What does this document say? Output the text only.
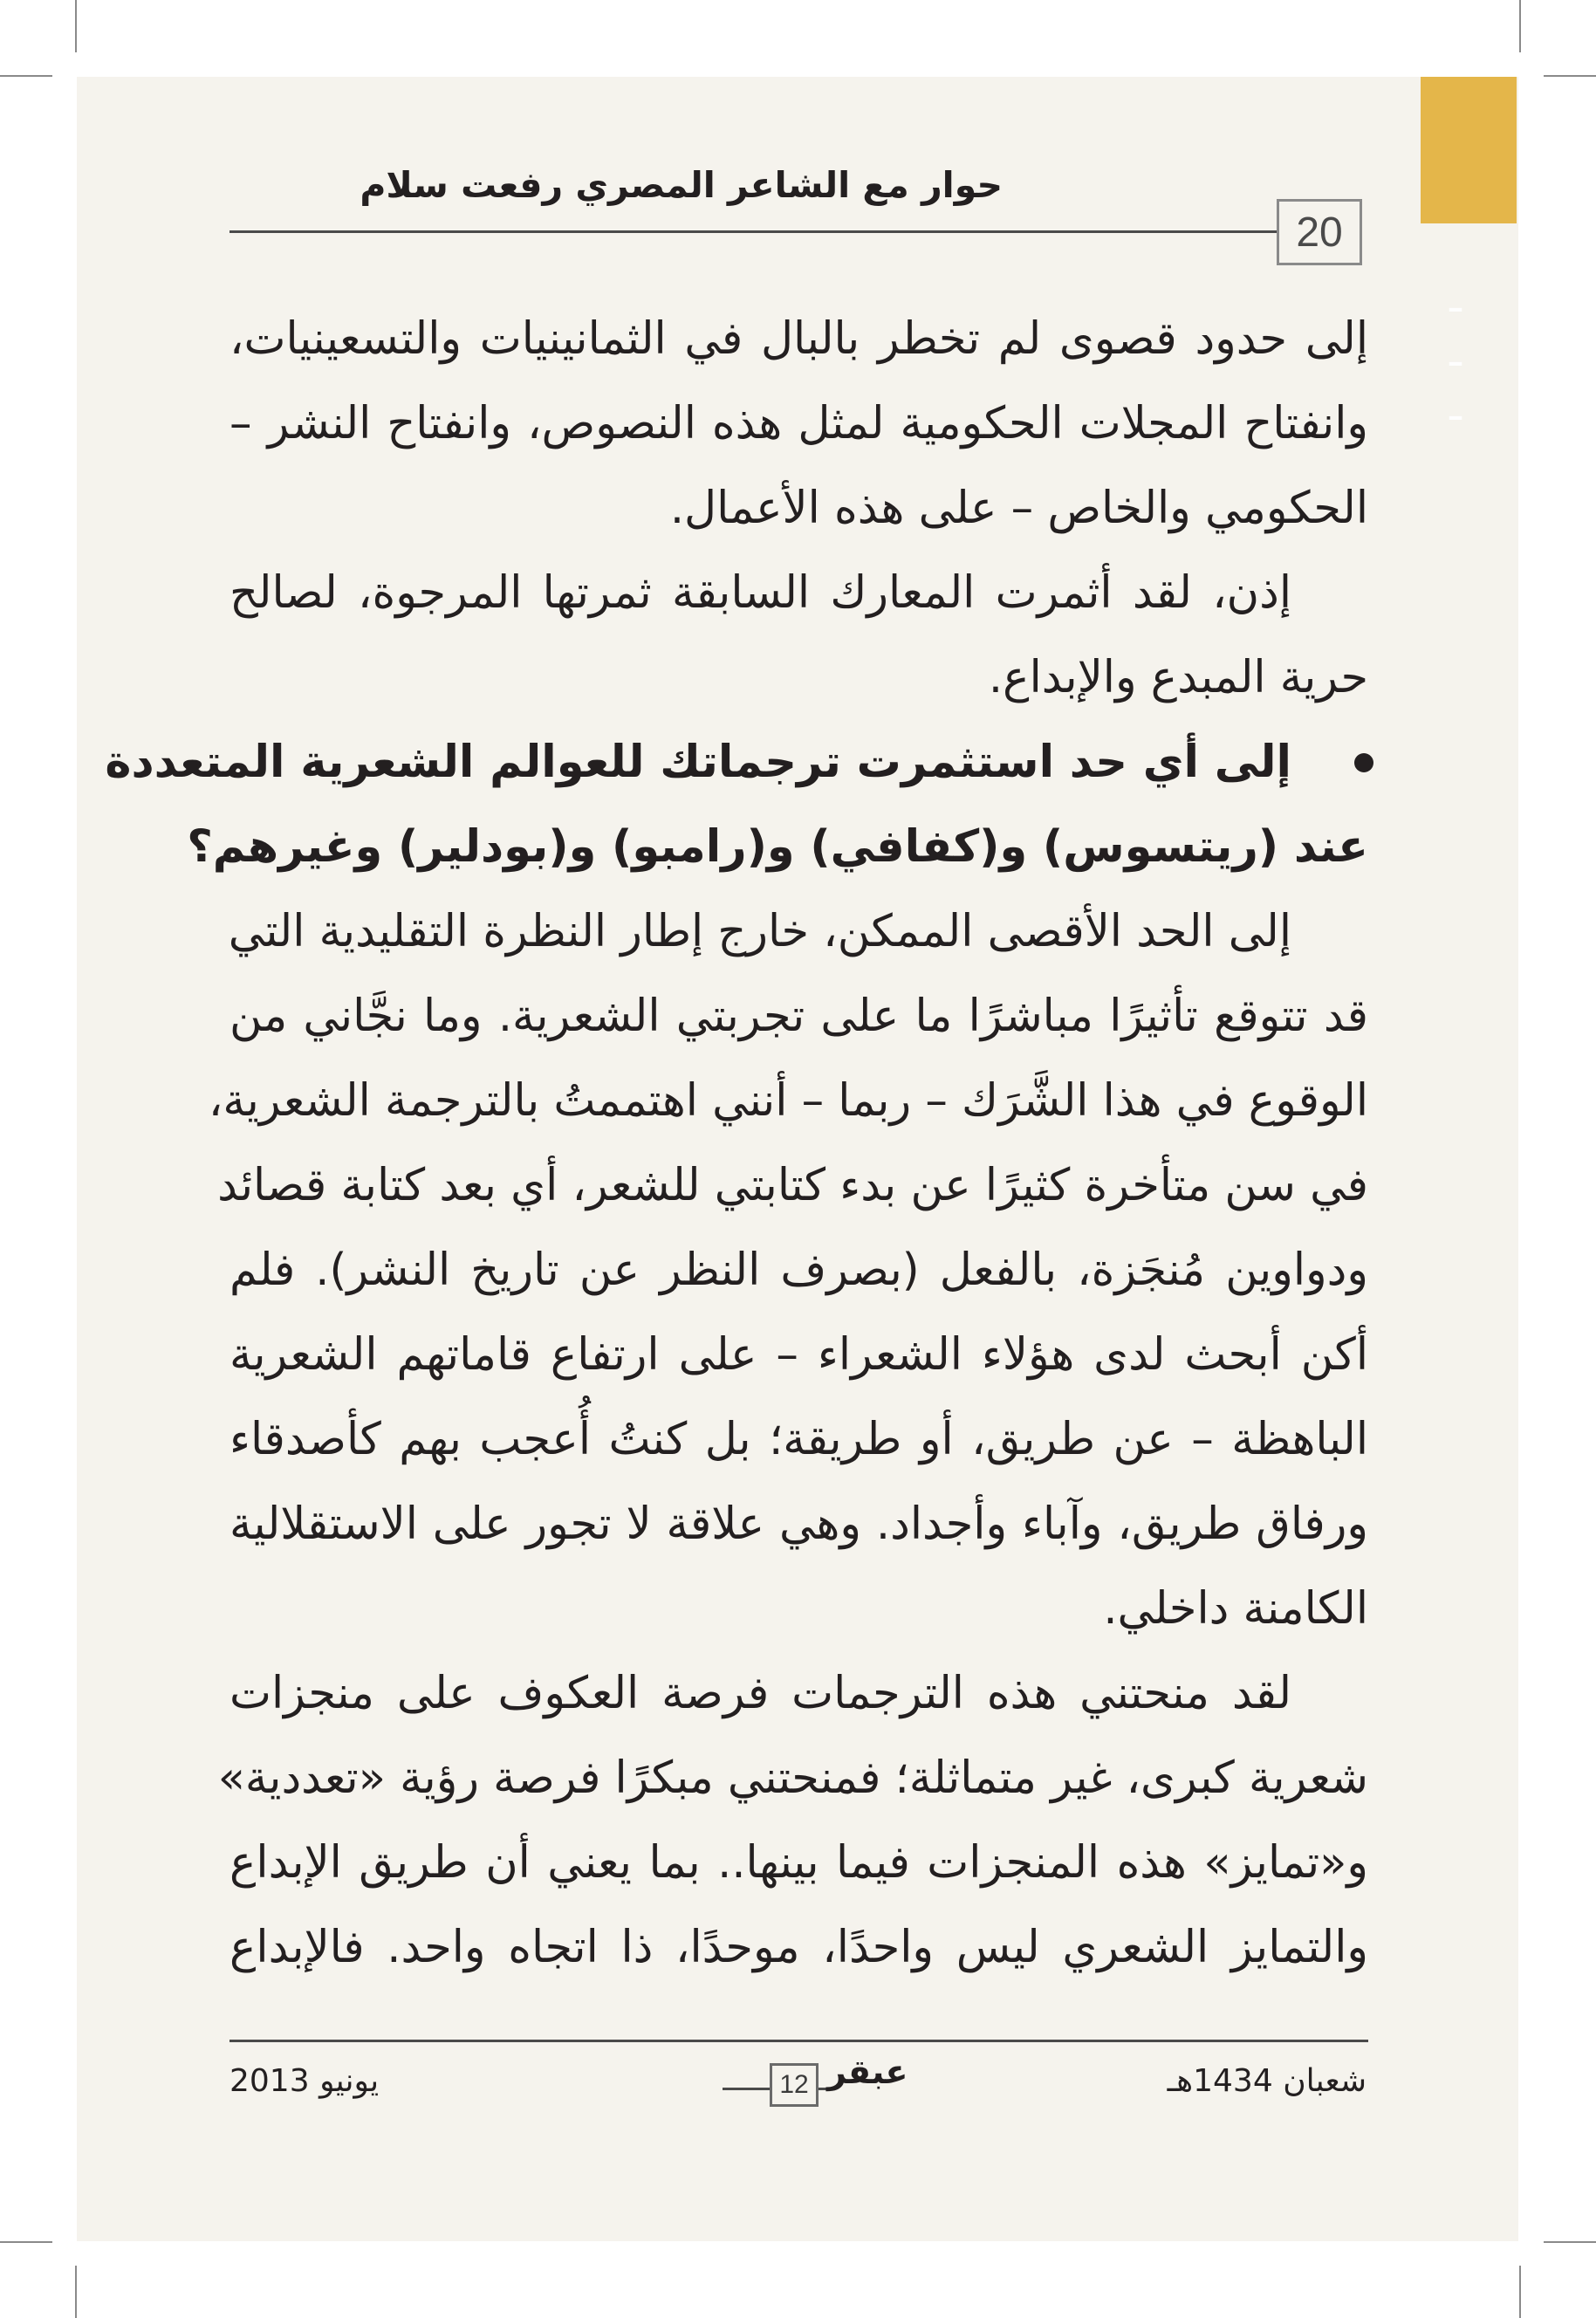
ـ
ـ
ـ
حوار مع الشاعر المصري رفعت سلام
20
إلى حدود قصوى لم تخطر بالبال في الثمانينيات والتسعينيات،
وانفتاح المجلات الحكومية لمثل هذه النصوص، وانفتاح النشر –
الحكومي والخاص – على هذه الأعمال.
إذن، لقد أثمرت المعارك السابقة ثمرتها المرجوة، لصالح
حرية المبدع والإبداع.
إلى أي حد استثمرت ترجماتك للعوالم الشعرية المتعددة
عند (ريتسوس) و(كفافي) و(رامبو) و(بودلير) وغيرهم؟
إلى الحد الأقصى الممكن، خارج إطار النظرة التقليدية التي
قد تتوقع تأثيرًا مباشرًا ما على تجربتي الشعرية. وما نجَّاني من
الوقوع في هذا الشَّرَك – ربما – أنني اهتممتُ بالترجمة الشعرية،
في سن متأخرة كثيرًا عن بدء كتابتي للشعر، أي بعد كتابة قصائد
ودواوين مُنجَزة، بالفعل (بصرف النظر عن تاريخ النشر). فلم
أكن أبحث لدى هؤلاء الشعراء – على ارتفاع قاماتهم الشعرية
الباهظة – عن طريق، أو طريقة؛ بل كنتُ أُعجب بهم كأصدقاء
ورفاق طريق، وآباء وأجداد. وهي علاقة لا تجور على الاستقلالية
الكامنة داخلي.
لقد منحتني هذه الترجمات فرصة العكوف على منجزات
شعرية كبرى، غير متماثلة؛ فمنحتني مبكرًا فرصة رؤية «تعددية»
و«تمايز» هذه المنجزات فيما بينها.. بما يعني أن طريق الإبداع
والتمايز الشعري ليس واحدًا، موحدًا، ذا اتجاه واحد. فالإبداع
شعبان 1434هـ
يونيو 2013	12 عبقر
